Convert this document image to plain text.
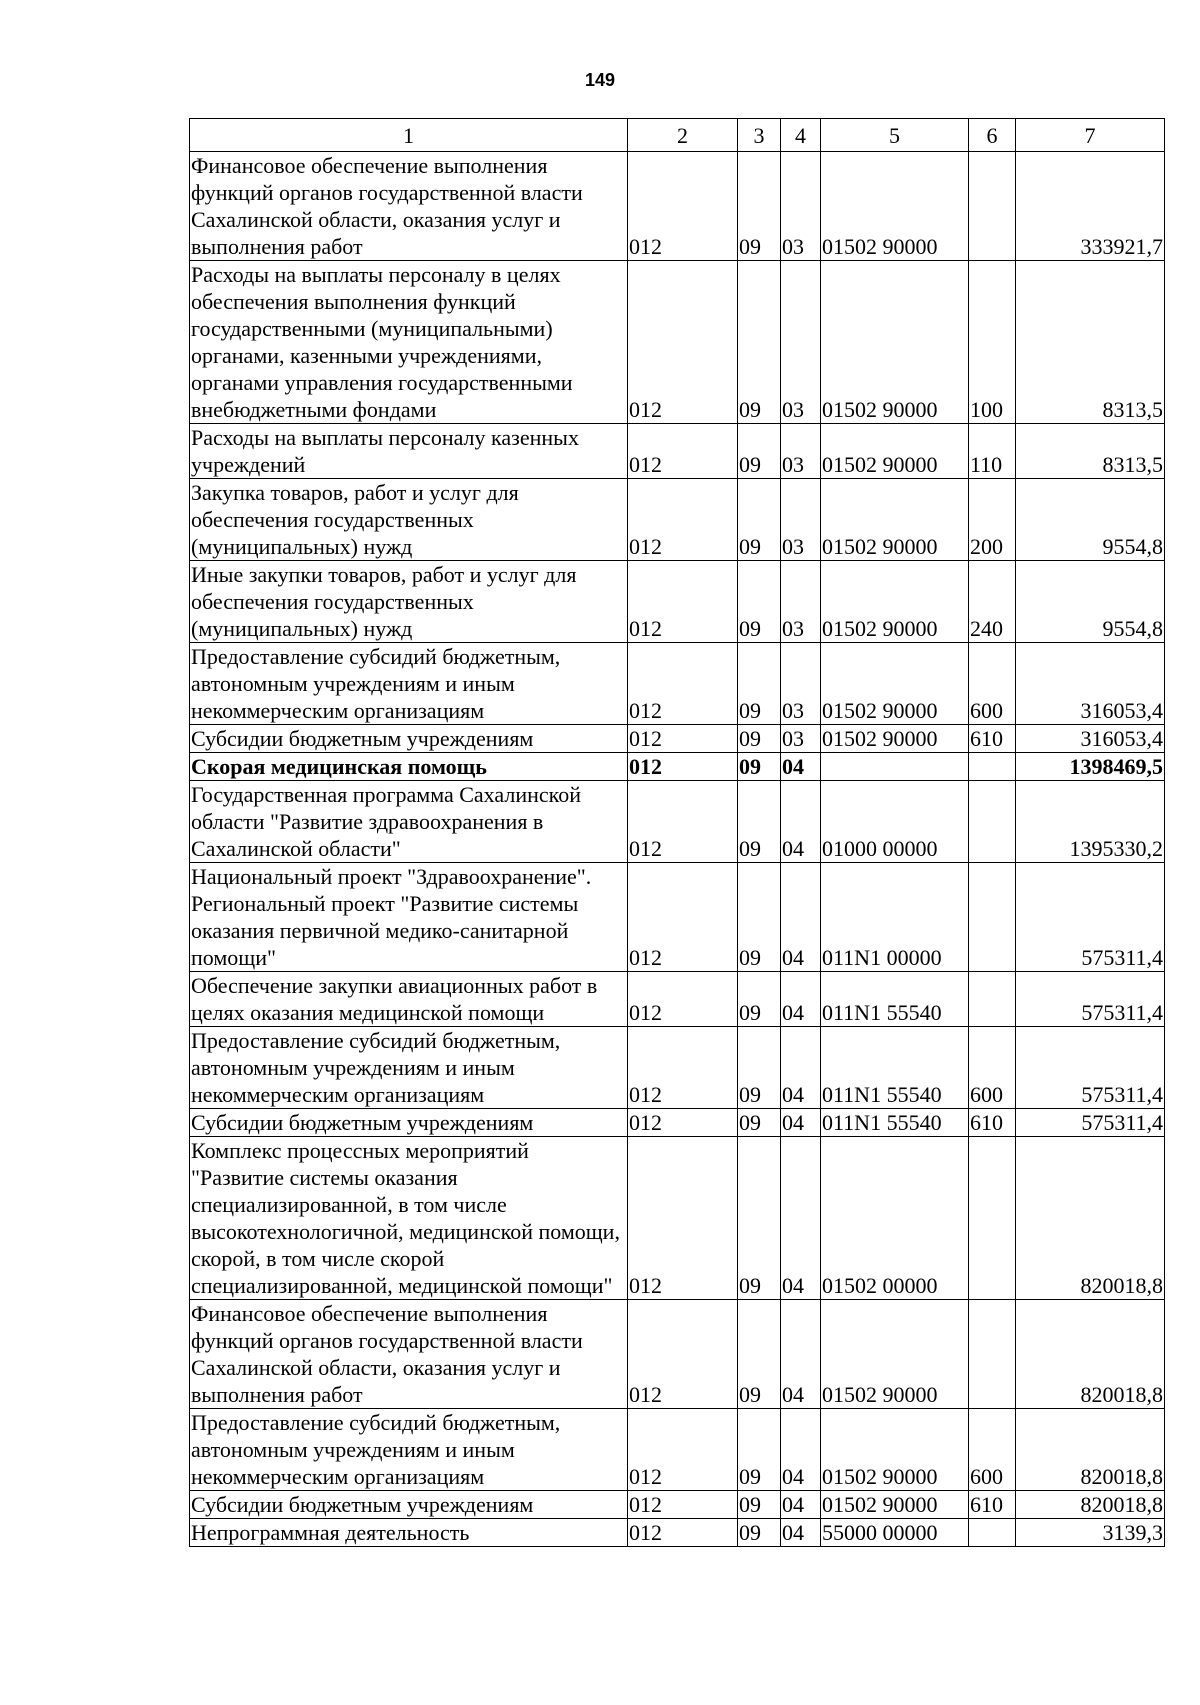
149
1	2	3	4	5	6	7
Финансовое обеспечение выполнения функций органов государственной власти Сахалинской области, оказания услуг и выполнения работ	012	09	03	01502 90000		333921,7
Расходы на выплаты персоналу в целях обеспечения выполнения функций государственными (муниципальными) органами, казенными учреждениями, органами управления государственными внебюджетными фондами	012	09	03	01502 90000	100	8313,5
Расходы на выплаты персоналу казенных учреждений	012	09	03	01502 90000	110	8313,5
Закупка товаров, работ и услуг для обеспечения государственных (муниципальных) нужд	012	09	03	01502 90000	200	9554,8
Иные закупки товаров, работ и услуг для обеспечения государственных (муниципальных) нужд	012	09	03	01502 90000	240	9554,8
Предоставление субсидий бюджетным, автономным учреждениям и иным некоммерческим организациям	012	09	03	01502 90000	600	316053,4
Субсидии бюджетным учреждениям	012	09	03	01502 90000	610	316053,4
Скорая медицинская помощь	012	09	04			1398469,5
Государственная программа Сахалинской области "Развитие здравоохранения в Сахалинской области"	012	09	04	01000 00000		1395330,2
Национальный проект "Здравоохранение". Региональный проект "Развитие системы оказания первичной медико-санитарной помощи"	012	09	04	011N1 00000		575311,4
Обеспечение закупки авиационных работ в целях оказания медицинской помощи	012	09	04	011N1 55540		575311,4
Предоставление субсидий бюджетным, автономным учреждениям и иным некоммерческим организациям	012	09	04	011N1 55540	600	575311,4
Субсидии бюджетным учреждениям	012	09	04	011N1 55540	610	575311,4
Комплекс процессных мероприятий "Развитие системы оказания специализированной, в том числе высокотехнологичной, медицинской помощи, скорой, в том числе скорой специализированной, медицинской помощи"	012	09	04	01502 00000		820018,8
Финансовое обеспечение выполнения функций органов государственной власти Сахалинской области, оказания услуг и выполнения работ	012	09	04	01502 90000		820018,8
Предоставление субсидий бюджетным, автономным учреждениям и иным некоммерческим организациям	012	09	04	01502 90000	600	820018,8
Субсидии бюджетным учреждениям	012	09	04	01502 90000	610	820018,8
Непрограммная деятельность	012	09	04	55000 00000		3139,3
